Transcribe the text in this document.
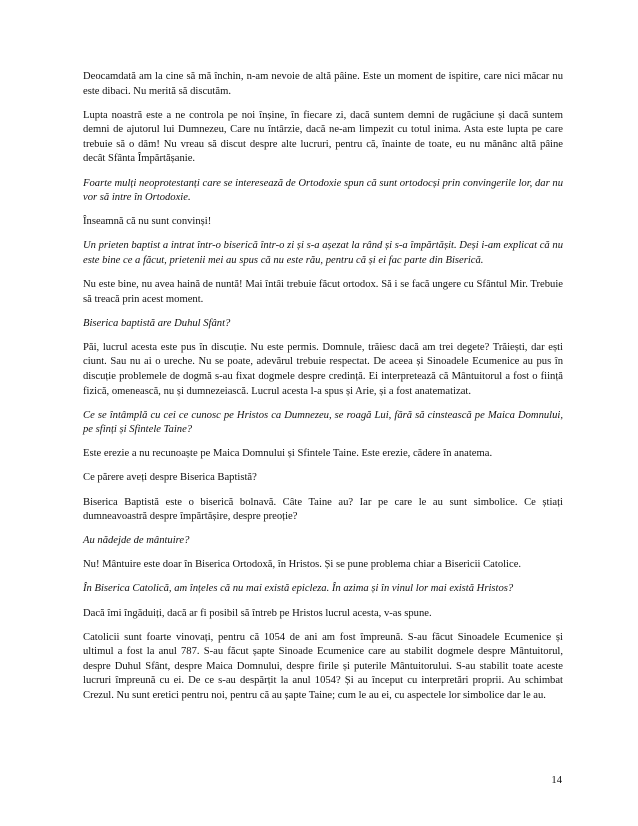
Deocamdată am la cine să mă închin, n-am nevoie de altă pâine. Este un moment de ispitire, care nici măcar nu este dibaci. Nu merită să discutăm.

Lupta noastră este a ne controla pe noi înșine, în fiecare zi, dacă suntem demni de rugăciune și dacă suntem demni de ajutorul lui Dumnezeu, Care nu întârzie, dacă ne-am limpezit cu totul inima. Asta este lupta pe care trebuie să o dăm! Nu vreau să discut despre alte lucruri, pentru că, înainte de toate, eu nu mănânc altă pâine decât Sfânta Împărtășanie.

Foarte mulți neoprotestanți care se interesează de Ortodoxie spun că sunt ortodocși prin convingerile lor, dar nu vor să intre în Ortodoxie.

Înseamnă că nu sunt convinși!

Un prieten baptist a intrat într-o biserică într-o zi și s-a așezat la rând și s-a împărtășit. Deși i-am explicat că nu este bine ce a făcut, prietenii mei au spus că nu este rău, pentru că și ei fac parte din Biserică.

Nu este bine, nu avea haină de nuntă! Mai întâi trebuie făcut ortodox. Să i se facă ungere cu Sfântul Mir. Trebuie să treacă prin acest moment.

Biserica baptistă are Duhul Sfânt?

Păi, lucrul acesta este pus în discuție. Nu este permis. Domnule, trăiesc dacă am trei degete? Trăiești, dar ești ciunt. Sau nu ai o ureche. Nu se poate, adevărul trebuie respectat. De aceea și Sinoadele Ecumenice au pus în discuție problemele de dogmă s-au fixat dogmele despre credință. Ei interpretează că Mântuitorul a fost o ființă fizică, omenească, nu și dumnezeiască. Lucrul acesta l-a spus și Arie, și a fost anatematizat.

Ce se întâmplă cu cei ce cunosc pe Hristos ca Dumnezeu, se roagă Lui, fără să cinstească pe Maica Domnului, pe sfinți și Sfintele Taine?

Este erezie a nu recunoaște pe Maica Domnului și Sfintele Taine. Este erezie, cădere în anatema.

Ce părere aveți despre Biserica Baptistă?

Biserica Baptistă este o biserică bolnavă. Câte Taine au? Iar pe care le au sunt simbolice. Ce știați dumneavoastră despre împărtășire, despre preoție?

Au nădejde de mântuire?

Nu! Mântuire este doar în Biserica Ortodoxă, în Hristos. Și se pune problema chiar a Bisericii Catolice.

În Biserica Catolică, am înțeles că nu mai există epicleza. În azima și în vinul lor mai există Hristos?

Dacă îmi îngăduiți, dacă ar fi posibil să întreb pe Hristos lucrul acesta, v-as spune.

Catolicii sunt foarte vinovați, pentru că 1054 de ani am fost împreună. S-au făcut Sinoadele Ecumenice și ultimul a fost la anul 787. S-au făcut șapte Sinoade Ecumenice care au stabilit dogmele despre Mântuitorul, despre Duhul Sfânt, despre Maica Domnului, despre firile și puterile Mântuitorului. S-au stabilit toate aceste lucruri împreună cu ei. De ce s-au despărțit la anul 1054? Și au început cu interpretări proprii. Au schimbat Crezul. Nu sunt eretici pentru noi, pentru că au șapte Taine; cum le au ei, cu aspectele lor simbolice dar le au.

14
